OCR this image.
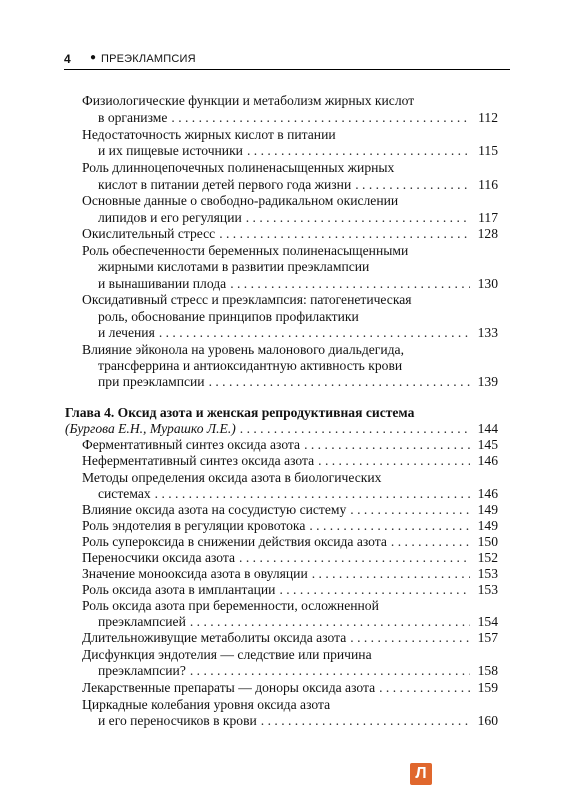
4 ● ПРЕЭКЛАМПСИЯ
Физиологические функции и метаболизм жирных кислот
в организме . . .	112
Недостаточность жирных кислот в питании
и их пищевые источники . . .	115
Роль длинноцепочечных полиненасыщенных жирных
кислот в питании детей первого года жизни . . .	116
Основные данные о свободно-радикальном окислении
липидов и его регуляции . . .	117
Окислительный стресс . . .	128
Роль обеспеченности беременных полиненасыщенными
жирными кислотами в развитии преэклампсии
и вынашивании плода . . .	130
Оксидативный стресс и преэклампсия: патогенетическая
роль, обоснование принципов профилактики
и лечения . . .	133
Влияние эйконола на уровень малонового диальдегида,
трансферрина и антиоксидантную активность крови
при преэклампсии . . .	139
Глава 4. Оксид азота и женская репродуктивная система
(Бургова Е.Н., Мурашко Л.Е.) . . .	144
Ферментативный синтез оксида азота . . .	145
Неферментативный синтез оксида азота . . .	146
Методы определения оксида азота в биологических
системах . . .	146
Влияние оксида азота на сосудистую систему . . .	149
Роль эндотелия в регуляции кровотока . . .	149
Роль супероксида в снижении действия оксида азота . . .	150
Переносчики оксида азота . . .	152
Значение монооксида азота в овуляции . . .	153
Роль оксида азота в имплантации . . .	153
Роль оксида азота при беременности, осложненной
преэклампсией . . .	154
Длительноживущие метаболиты оксида азота . . .	157
Дисфункция эндотелия — следствие или причина
преэклампсии? . . .	158
Лекарственные препараты — доноры оксида азота . . .	159
Циркадные колебания уровня оксида азота
и его переносчиков в крови . . .	160
Л
